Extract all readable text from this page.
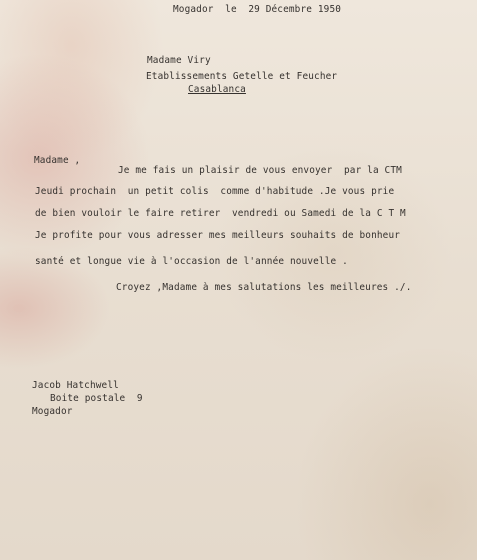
Mogador  le  29 Décembre 1950
Madame Viry
Etablissements Getelle et Feucher
Casablanca
Madame ,
Je me fais un plaisir de vous envoyer  par la CTM
Jeudi prochain  un petit colis  comme d'habitude .Je vous prie
de bien vouloir le faire retirer  vendredi ou Samedi de la C T M
Je profite pour vous adresser mes meilleurs souhaits de bonheur
santé et longue vie à l'occasion de l'année nouvelle .
Croyez ,Madame à mes salutations les meilleures ./.
Jacob Hatchwell
Boite postale  9
Mogador
